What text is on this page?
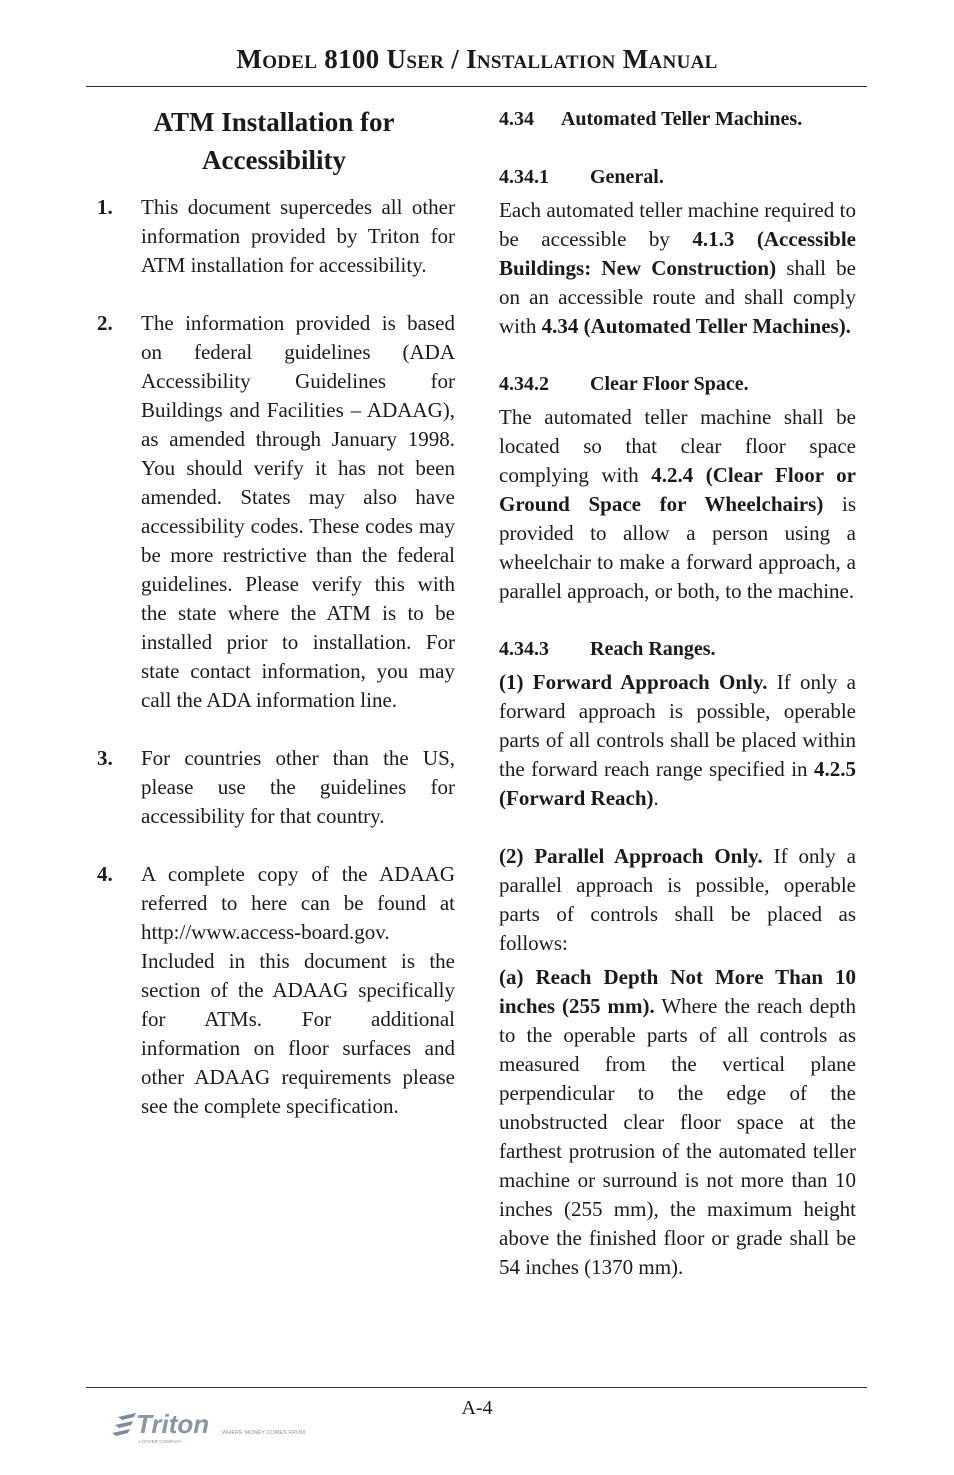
Model 8100 User / Installation Manual
ATM Installation for
Accessibility
1.	This document supercedes all other information provided by Triton for ATM installation for accessibility.
2.	The information provided is based on federal guidelines (ADA Accessibility Guidelines for Buildings and Facilities – ADAAG), as amended through January 1998. You should verify it has not been amended. States may also have accessibility codes. These codes may be more restrictive than the federal guidelines. Please verify this with the state where the ATM is to be installed prior to installation. For state contact information, you may call the ADA information line.
3.	For countries other than the US, please use the guidelines for accessibility for that country.
4.	A complete copy of the ADAAG referred to here can be found at http://www.access-board.gov. Included in this document is the section of the ADAAG specifically for ATMs. For additional information on floor surfaces and other ADAAG requirements please see the complete specification.

4.34 Automated Teller Machines.

4.34.1 General.

Each automated teller machine required to be accessible by 4.1.3 (Accessible Buildings: New Construction) shall be on an accessible route and shall comply with 4.34 (Automated Teller Machines).

4.34.2 Clear Floor Space.

The automated teller machine shall be located so that clear floor space complying with 4.2.4 (Clear Floor or Ground Space for Wheelchairs) is provided to allow a person using a wheelchair to make a forward approach, a parallel approach, or both, to the machine.

4.34.3 Reach Ranges.

(1) Forward Approach Only. If only a forward approach is possible, operable parts of all controls shall be placed within the forward reach range specified in 4.2.5 (Forward Reach).

(2) Parallel Approach Only. If only a parallel approach is possible, operable parts of controls shall be placed as follows:

(a) Reach Depth Not More Than 10 inches (255 mm). Where the reach depth to the operable parts of all controls as measured from the vertical plane perpendicular to the edge of the unobstructed clear floor space at the farthest protrusion of the automated teller machine or surround is not more than 10 inches (255 mm), the maximum height above the finished floor or grade shall be 54 inches (1370 mm).

A-4
Triton WHERE MONEY COMES FROM.
A DOVER COMPANY
